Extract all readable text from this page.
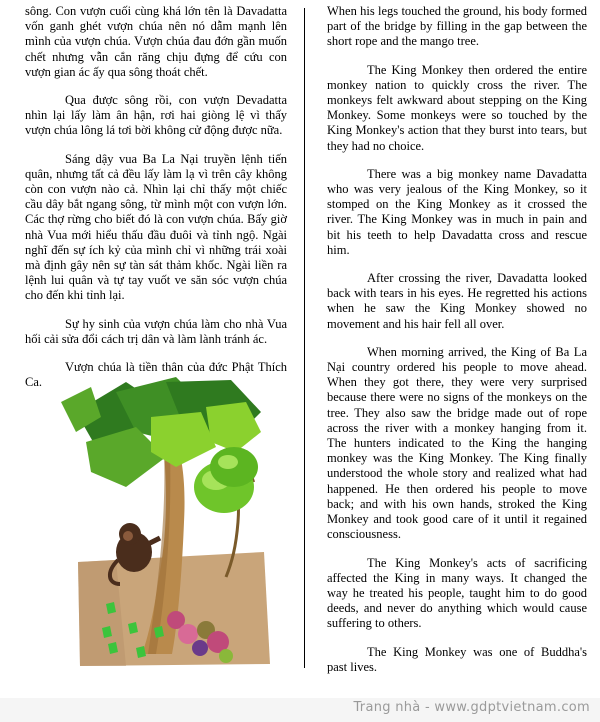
sông. Con vượn cuối cùng khá lớn tên là Davadatta vốn ganh ghét vượn chúa nên nó dẫm mạnh lên mình của vượn chúa. Vượn chúa đau đớn gần muốn chết nhưng vẫn cắn răng chịu đựng để cứu con vượn gian ác ấy qua sông thoát chết.

Qua được sông rồi, con vượn Devadatta nhìn lại lấy làm ân hận, rơi hai giòng lệ vì thấy vượn chúa lông lá tơi bời không cử động được nữa.

Sáng dậy vua Ba La Nại truyền lệnh tiến quân, nhưng tất cả đều lấy làm lạ vì trên cây không còn con vượn nào cả. Nhìn lại chỉ thấy một chiếc cầu dây bắt ngang sông, từ mình một con vượn lớn. Các thợ rừng cho biết đó là con vượn chúa. Bấy giờ nhà Vua mới hiểu thấu đầu đuôi và tỉnh ngộ. Ngài nghĩ đến sự ích kỷ của mình chỉ vì những trái xoài mà định gây nên sự tàn sát thảm khốc. Ngài liền ra lệnh lui quân và tự tay vuốt ve săn sóc vượn chúa cho đến khi tỉnh lại.

Sự hy sinh của vượn chúa làm cho nhà Vua hối cải sửa đổi cách trị dân và làm lành tránh ác.

Vượn chúa là tiền thân của đức Phật Thích Ca.

When his legs touched the ground, his body formed part of the bridge by filling in the gap between the short rope and the mango tree.

The King Monkey then ordered the entire monkey nation to quickly cross the river. The monkeys felt awkward about stepping on the King Monkey. Some monkeys were so touched by the King Monkey's action that they burst into tears, but they had no choice.

There was a big monkey name Davadatta who was very jealous of the King Monkey, so it stomped on the King Monkey as it crossed the river. The King Monkey was in much in pain and bit his teeth to help Davadatta cross and rescue him.

After crossing the river, Davadatta looked back with tears in his eyes. He regretted his actions when he saw the King Monkey showed no movement and his hair fell all over.

When morning arrived, the King of Ba La Nại country ordered his people to move ahead. When they got there, they were very surprised because there were no signs of the monkeys on the tree. They also saw the bridge made out of rope across the river with a monkey hanging from it. The hunters indicated to the King the hanging monkey was the King Monkey. The King finally understood the whole story and realized what had happened. He then ordered his people to move back; and with his own hands, stroked the King Monkey and took good care of it until it regained consciousness.

The King Monkey's acts of sacrificing affected the King in many ways. It changed the way he treated his people, taught him to do good deeds, and never do anything which would cause suffering to others.

The King Monkey was one of Buddha's past lives.

Trang nhà - www.gdptvietnam.com
